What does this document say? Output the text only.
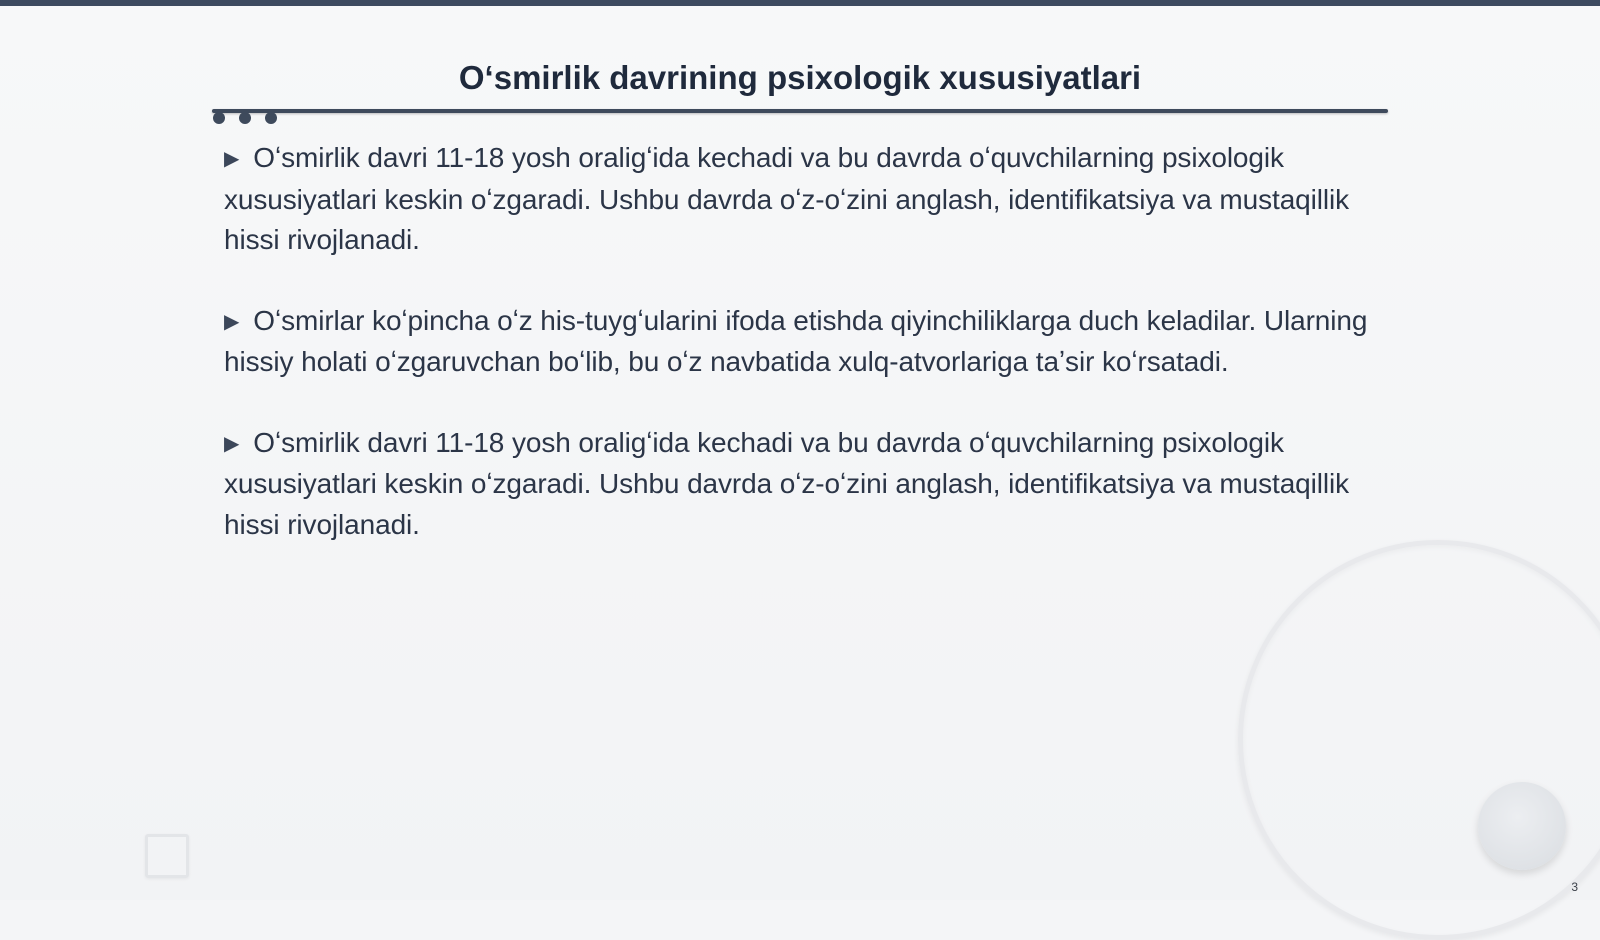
Oʻsmirlik davrining psixologik xususiyatlari

▶ Oʻsmirlik davri 11-18 yosh oraligʻida kechadi va bu davrda oʻquvchilarning psixologik xususiyatlari keskin oʻzgaradi. Ushbu davrda oʻz-oʻzini anglash, identifikatsiya va mustaqillik hissi rivojlanadi.

▶ Oʻsmirlar koʻpincha oʻz his-tuygʻularini ifoda etishda qiyinchiliklarga duch keladilar. Ularning hissiy holati oʻzgaruvchan boʻlib, bu oʻz navbatida xulq-atvorlariga taʼsir koʻrsatadi.

▶ Oʻsmirlik davri 11-18 yosh oraligʻida kechadi va bu davrda oʻquvchilarning psixologik xususiyatlari keskin oʻzgaradi. Ushbu davrda oʻz-oʻzini anglash, identifikatsiya va mustaqillik hissi rivojlanadi.

3
